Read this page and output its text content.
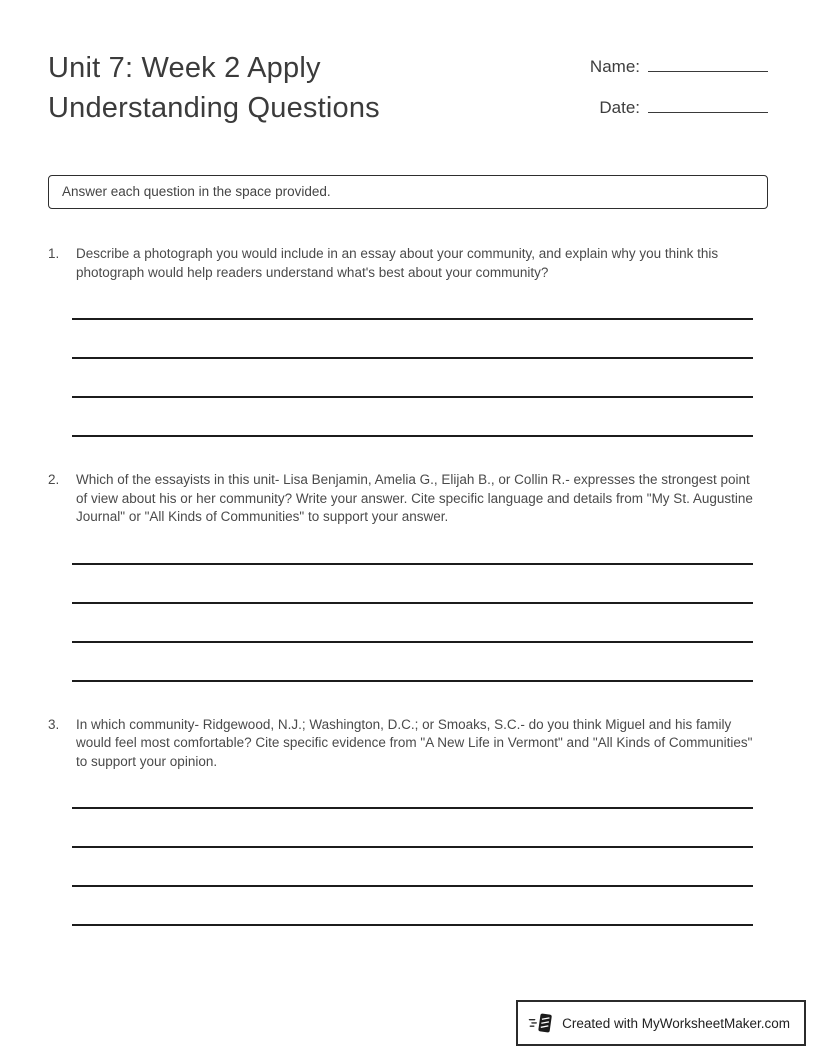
Unit 7: Week 2 Apply Understanding Questions
Name:
Date:
Answer each question in the space provided.
1.	Describe a photograph you would include in an essay about your community, and explain why you think this photograph would help readers understand what's best about your community?
2.	Which of the essayists in this unit- Lisa Benjamin, Amelia G., Elijah B., or Collin R.- expresses the strongest point of view about his or her community? Write your answer. Cite specific language and details from "My St. Augustine Journal" or "All Kinds of Communities" to support your answer.
3.	In which community- Ridgewood, N.J.; Washington, D.C.; or Smoaks, S.C.- do you think Miguel and his family would feel most comfortable? Cite specific evidence from "A New Life in Vermont" and "All Kinds of Communities" to support your opinion.
Created with MyWorksheetMaker.com
